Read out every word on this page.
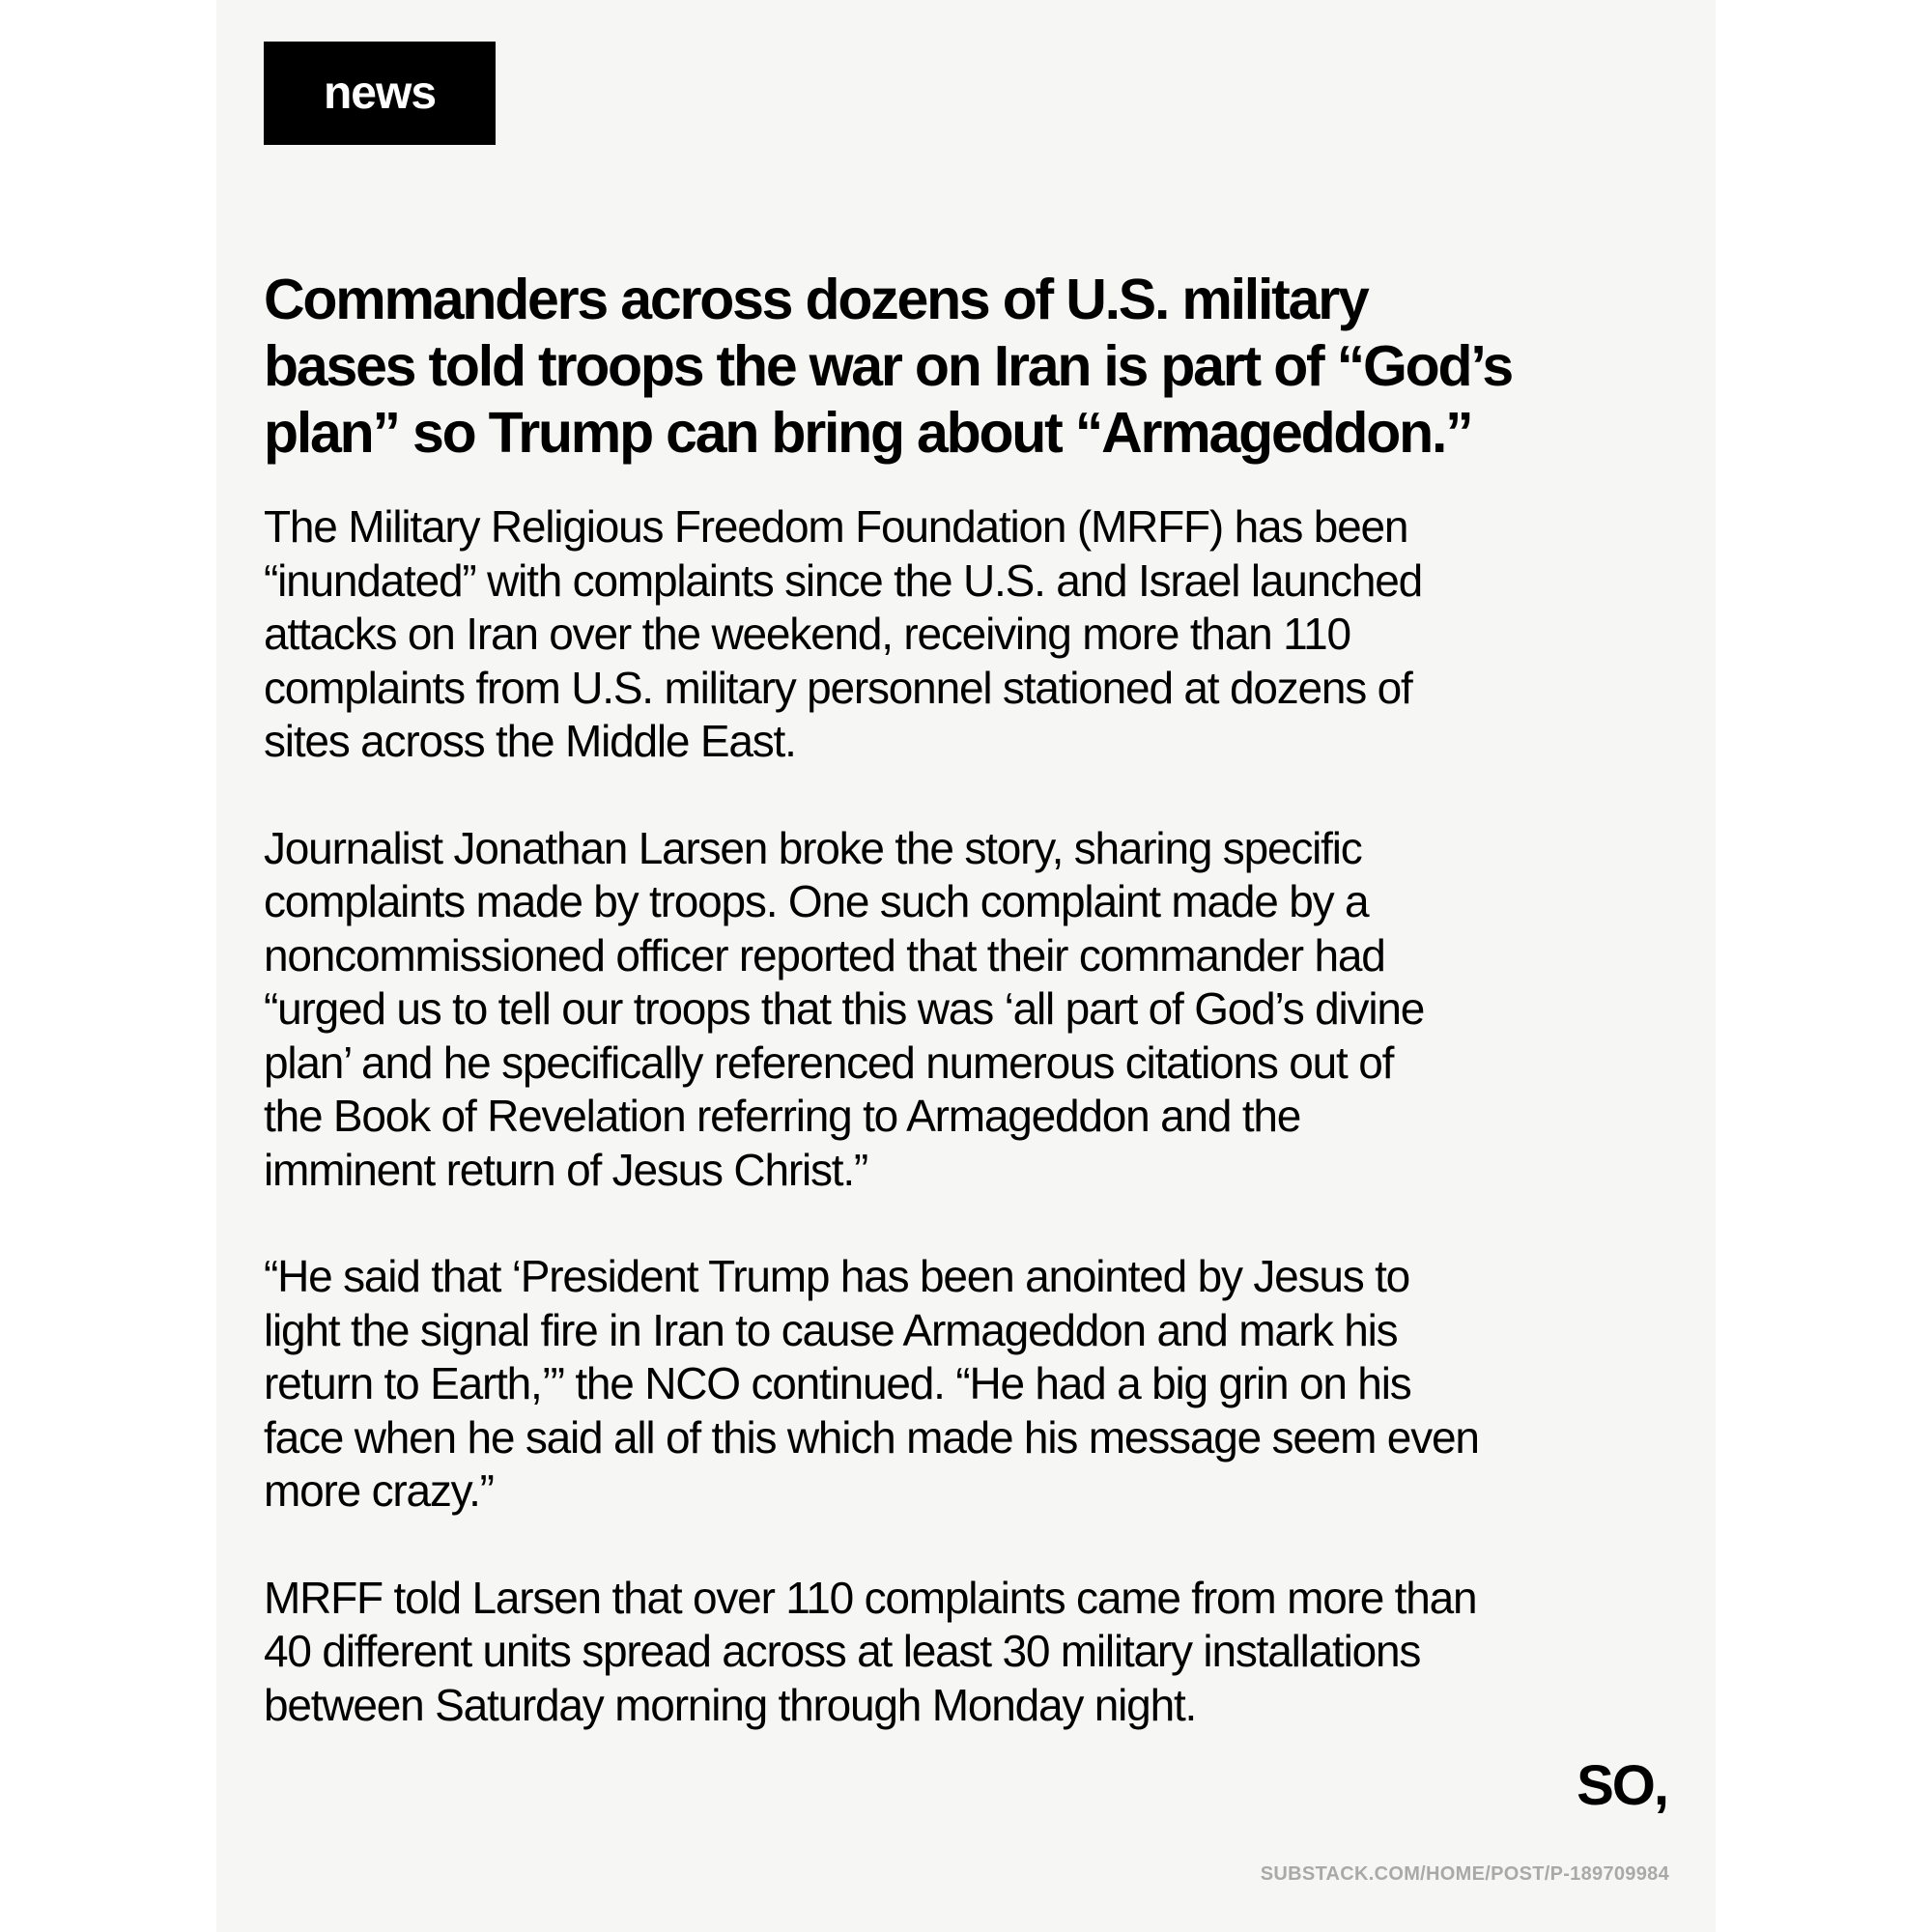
news
Commanders across dozens of U.S. military
bases told troops the war on Iran is part of “God’s
plan” so Trump can bring about “Armageddon.”

The Military Religious Freedom Foundation (MRFF) has been
“inundated” with complaints since the U.S. and Israel launched
attacks on Iran over the weekend, receiving more than 110
complaints from U.S. military personnel stationed at dozens of
sites across the Middle East.

Journalist Jonathan Larsen broke the story, sharing specific
complaints made by troops. One such complaint made by a
noncommissioned officer reported that their commander had
“urged us to tell our troops that this was ‘all part of God’s divine
plan’ and he specifically referenced numerous citations out of
the Book of Revelation referring to Armageddon and the
imminent return of Jesus Christ.”

“He said that ‘President Trump has been anointed by Jesus to
light the signal fire in Iran to cause Armageddon and mark his
return to Earth,’” the NCO continued. “He had a big grin on his
face when he said all of this which made his message seem even
more crazy.”

MRFF told Larsen that over 110 complaints came from more than
40 different units spread across at least 30 military installations
between Saturday morning through Monday night.

SO,
SUBSTACK.COM/HOME/POST/P-189709984
